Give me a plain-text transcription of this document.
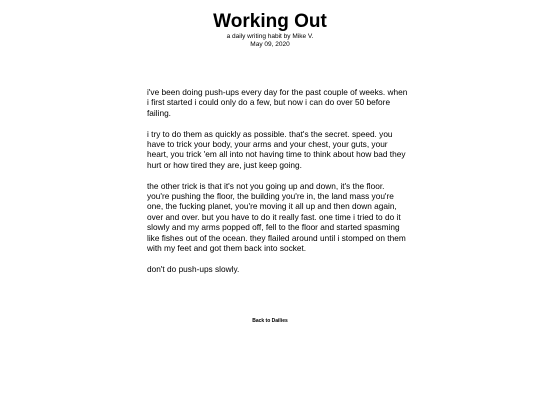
Working Out
a daily writing habit by Mike V.
May 09, 2020

i've been doing push-ups every day for the past couple of weeks. when i first started i could only do a few, but now i can do over 50 before failing.

i try to do them as quickly as possible. that's the secret. speed. you have to trick your body, your arms and your chest, your guts, your heart, you trick 'em all into not having time to think about how bad they hurt or how tired they are, just keep going.

the other trick is that it's not you going up and down, it's the floor. you're pushing the floor, the building you're in, the land mass you're one, the fucking planet, you're moving it all up and then down again, over and over. but you have to do it really fast. one time i tried to do it slowly and my arms popped off, fell to the floor and started spasming like fishes out of the ocean. they flailed around until i stomped on them with my feet and got them back into socket.

don't do push-ups slowly.

Back to Dailies
